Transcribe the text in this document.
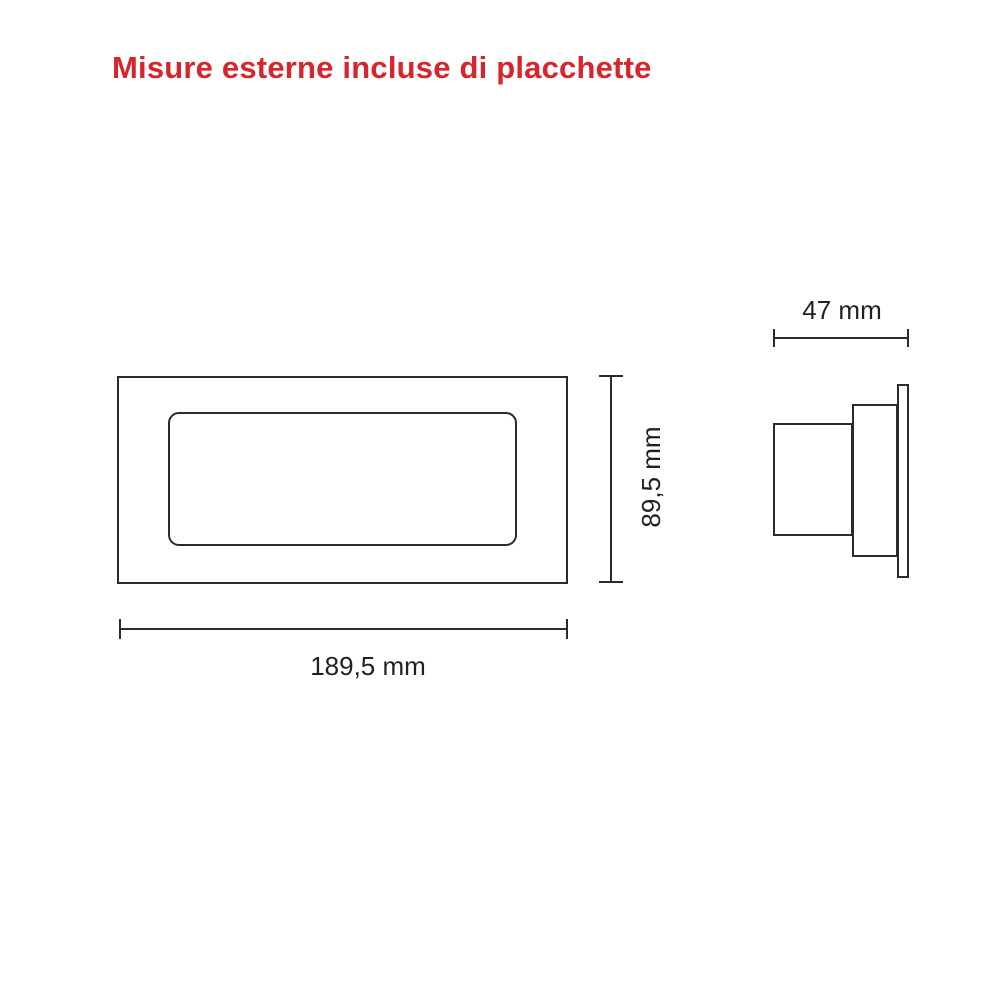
Misure esterne incluse di placchette
89,5 mm
189,5 mm
47 mm
